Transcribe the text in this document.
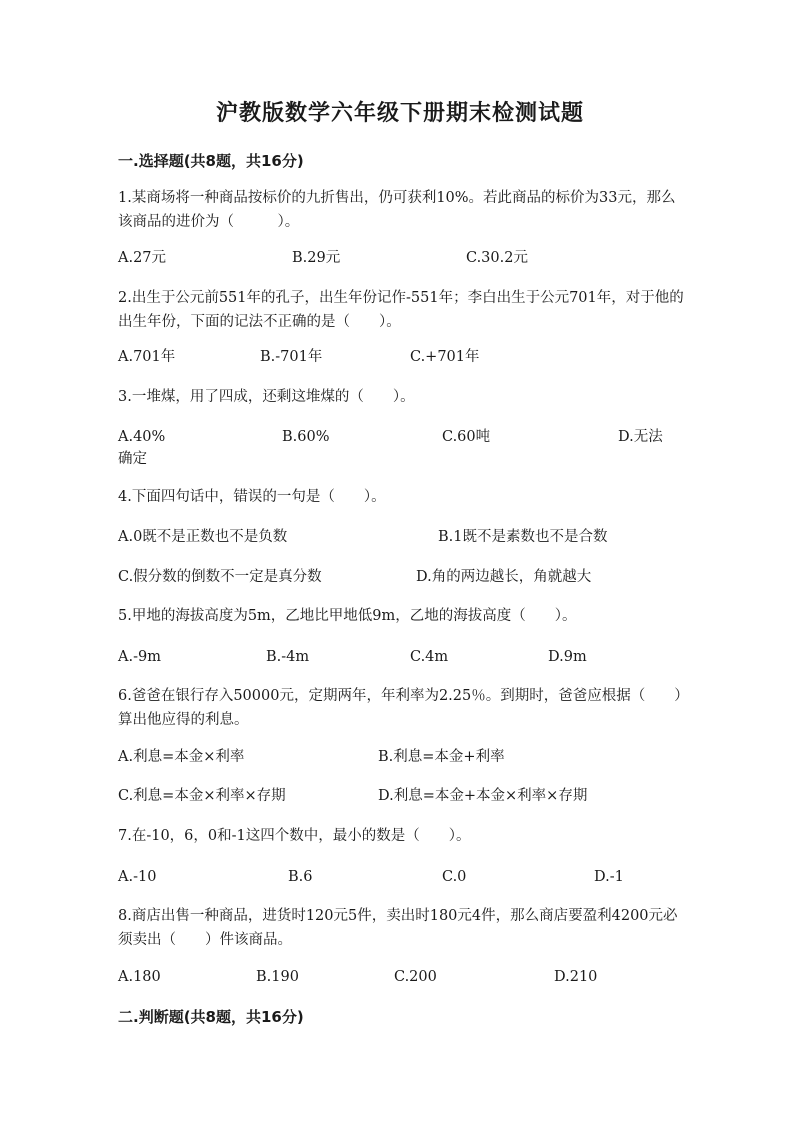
沪教版数学六年级下册期末检测试题
一.选择题(共8题，共16分)
1.某商场将一种商品按标价的九折售出，仍可获利10%。若此商品的标价为33元，那么该商品的进价为（　　　）。
A.27元	B.29元	C.30.2元
2.出生于公元前551年的孔子，出生年份记作-551年；李白出生于公元701年，对于他的出生年份，下面的记法不正确的是（　　）。
A.701年	B.-701年	C.+701年
3.一堆煤，用了四成，还剩这堆煤的（　　）。
A.40%	B.60%	C.60吨	D.无法
确定
4.下面四句话中，错误的一句是（　　）。
A.0既不是正数也不是负数	B.1既不是素数也不是合数
C.假分数的倒数不一定是真分数	D.角的两边越长，角就越大
5.甲地的海拔高度为5m，乙地比甲地低9m，乙地的海拔高度（　　）。
A.-9m	B.-4m	C.4m	D.9m
6.爸爸在银行存入50000元，定期两年，年利率为2.25％。到期时，爸爸应根据（　　）算出他应得的利息。
A.利息=本金×利率	B.利息=本金+利率
C.利息=本金×利率×存期	D.利息=本金+本金×利率×存期
7.在-10，6，0和-1这四个数中，最小的数是（　　）。
A.-10	B.6	C.0	D.-1
8.商店出售一种商品，进货时120元5件，卖出时180元4件，那么商店要盈利4200元必须卖出（　　）件该商品。
A.180	B.190	C.200	D.210
二.判断题(共8题，共16分)
